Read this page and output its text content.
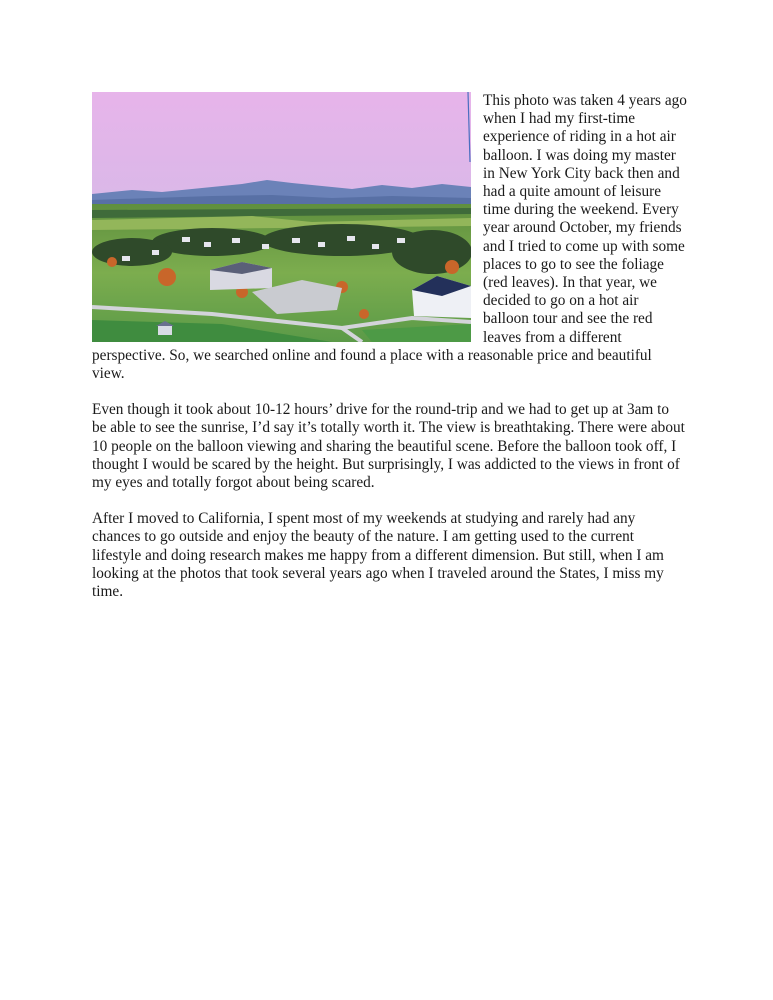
This photo was taken 4 years ago when I had my first-time experience of riding in a hot air balloon. I was doing my master in New York City back then and had a quite amount of leisure time during the weekend. Every year around October, my friends and I tried to come up with some places to go to see the foliage (red leaves). In that year, we decided to go on a hot air balloon tour and see the red leaves from a different perspective. So, we searched online and found a place with a reasonable price and beautiful view.

Even though it took about 10-12 hours’ drive for the round-trip and we had to get up at 3am to be able to see the sunrise, I’d say it’s totally worth it. The view is breathtaking. There were about 10 people on the balloon viewing and sharing the beautiful scene. Before the balloon took off, I thought I would be scared by the height. But surprisingly, I was addicted to the views in front of my eyes and totally forgot about being scared.

After I moved to California, I spent most of my weekends at studying and rarely had any chances to go outside and enjoy the beauty of the nature. I am getting used to the current lifestyle and doing research makes me happy from a different dimension. But still, when I am looking at the photos that took several years ago when I traveled around the States, I miss my time.
